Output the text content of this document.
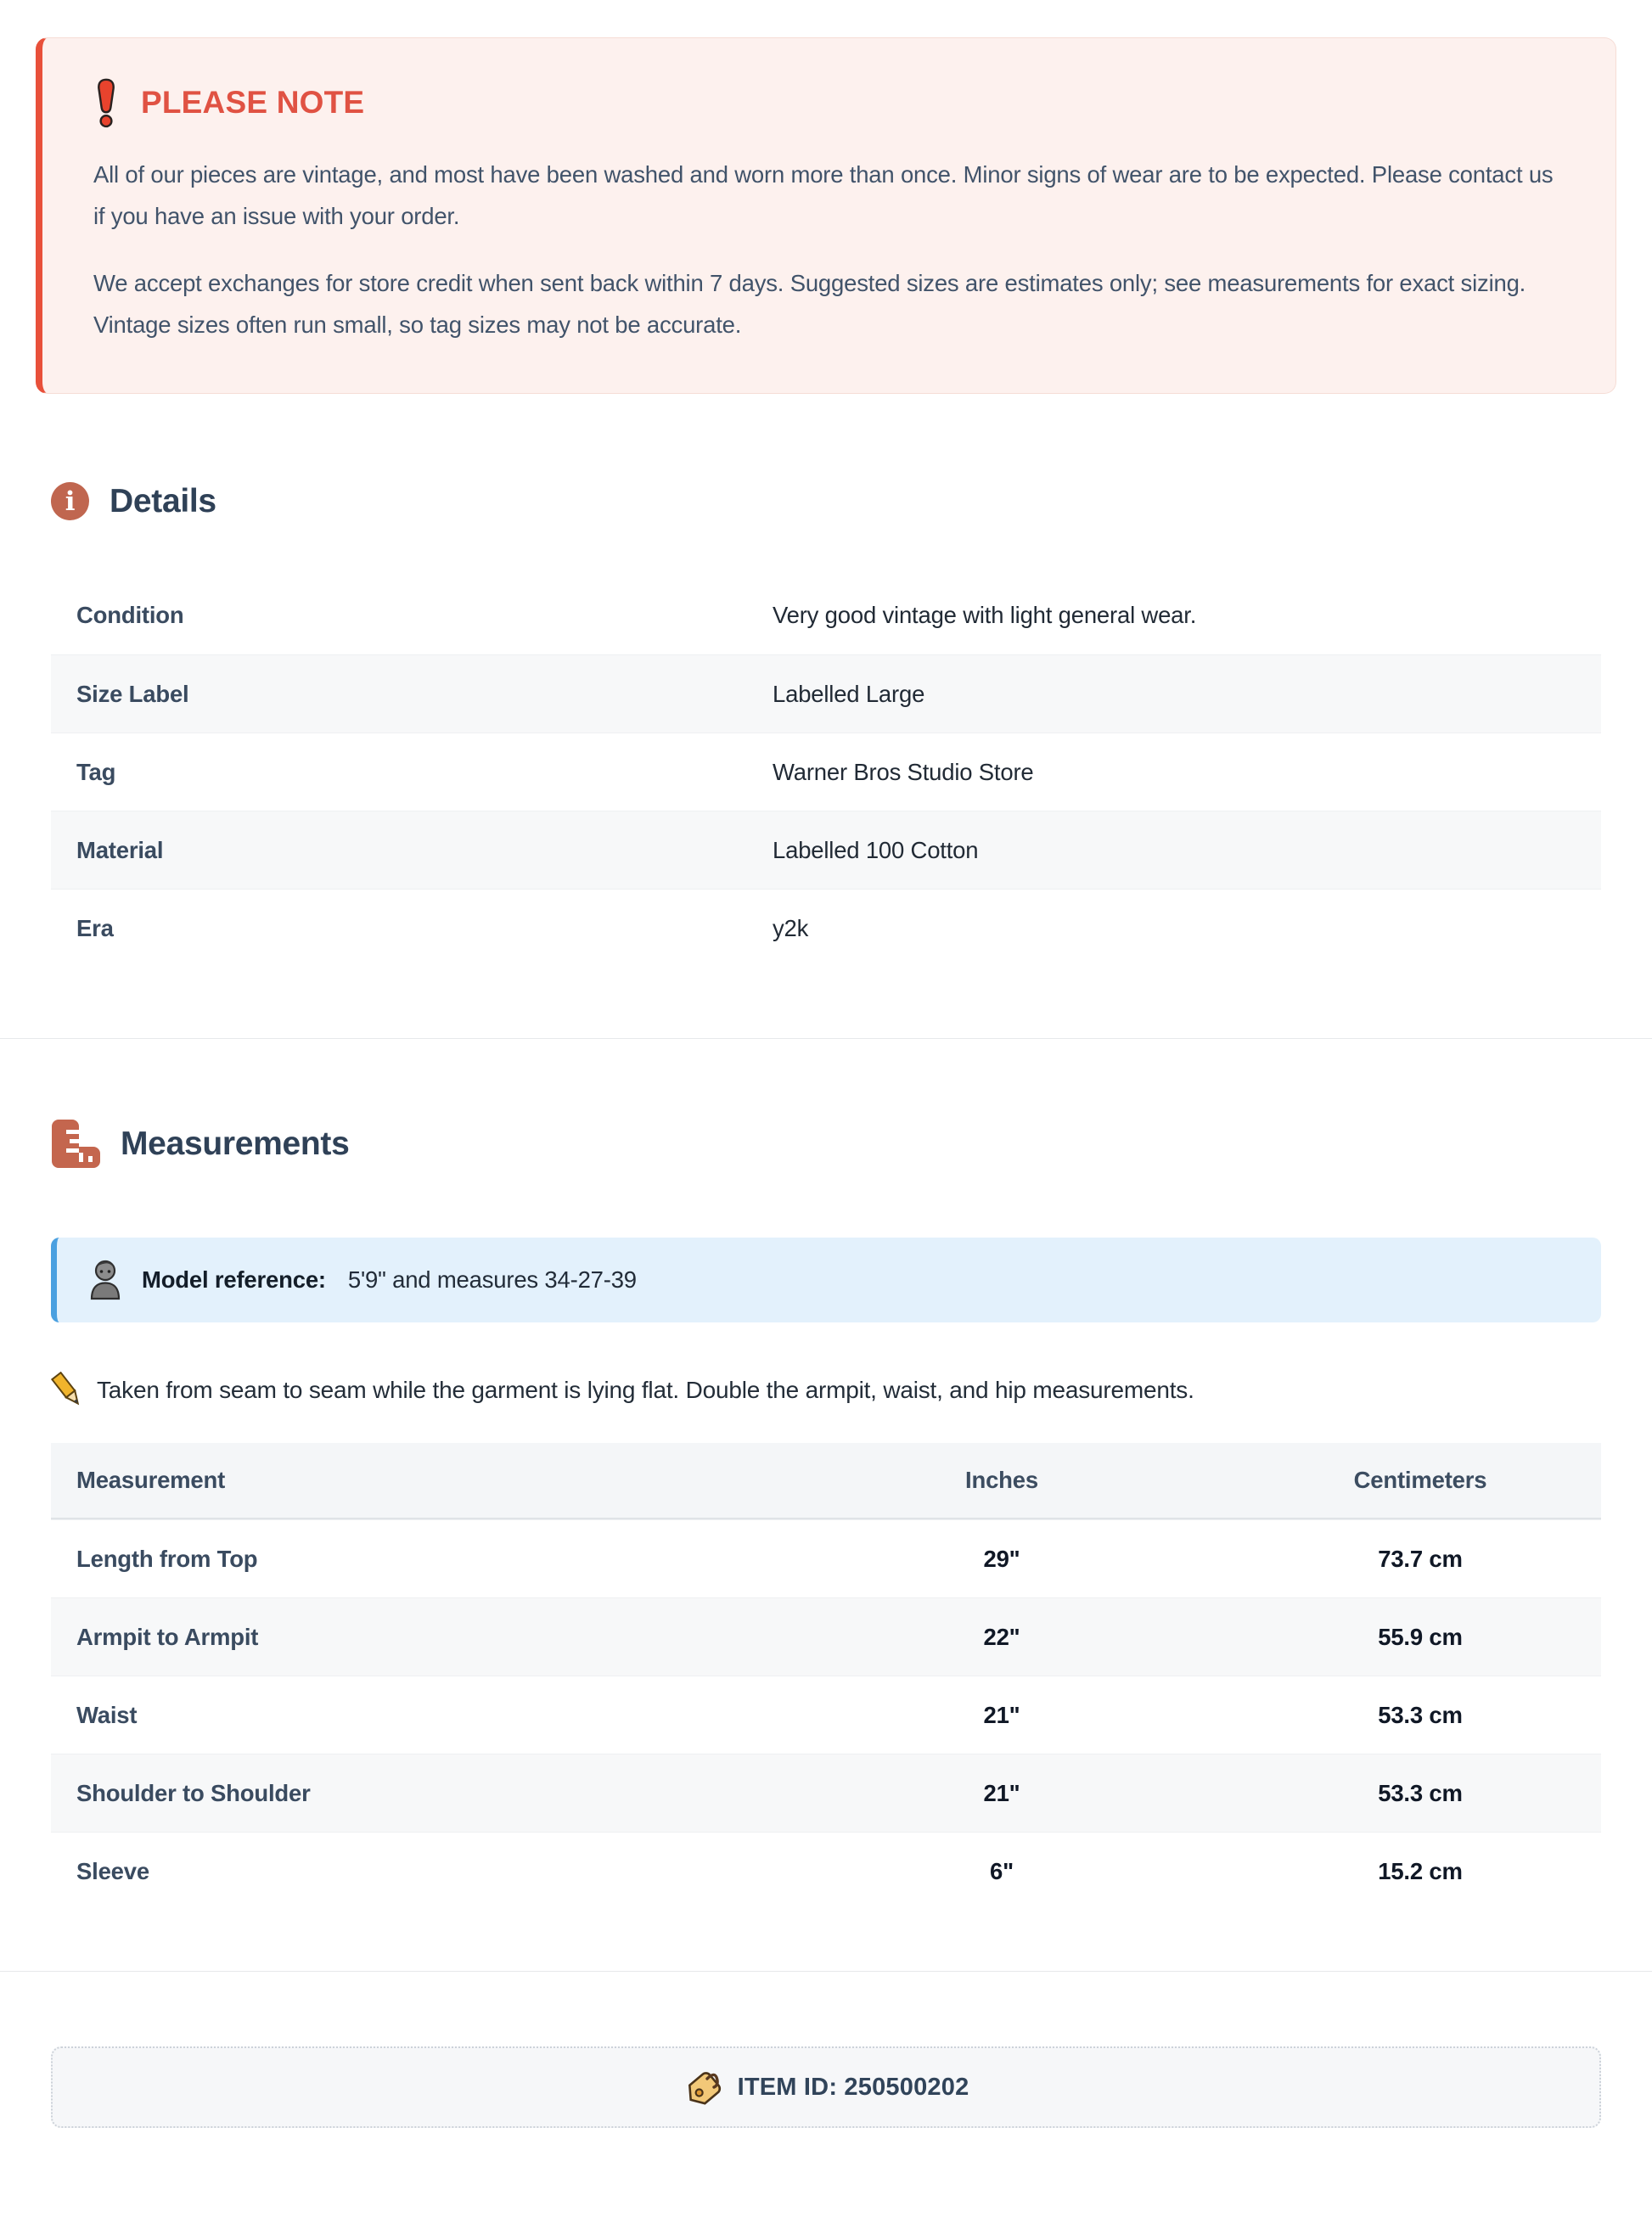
PLEASE NOTE

All of our pieces are vintage, and most have been washed and worn more than once. Minor signs of wear are to be expected. Please contact us if you have an issue with your order.

We accept exchanges for store credit when sent back within 7 days. Suggested sizes are estimates only; see measurements for exact sizing. Vintage sizes often run small, so tag sizes may not be accurate.

i Details
Condition	Very good vintage with light general wear.
Size Label	Labelled Large
Tag	Warner Bros Studio Store
Material	Labelled 100 Cotton
Era	y2k
Measurements
Model reference: 5'9" and measures 34-27-39
Taken from seam to seam while the garment is lying flat. Double the armpit, waist, and hip measurements.
Measurement	Inches	Centimeters
Length from Top	29"	73.7 cm
Armpit to Armpit	22"	55.9 cm
Waist	21"	53.3 cm
Shoulder to Shoulder	21"	53.3 cm
Sleeve	6"	15.2 cm
ITEM ID: 250500202
